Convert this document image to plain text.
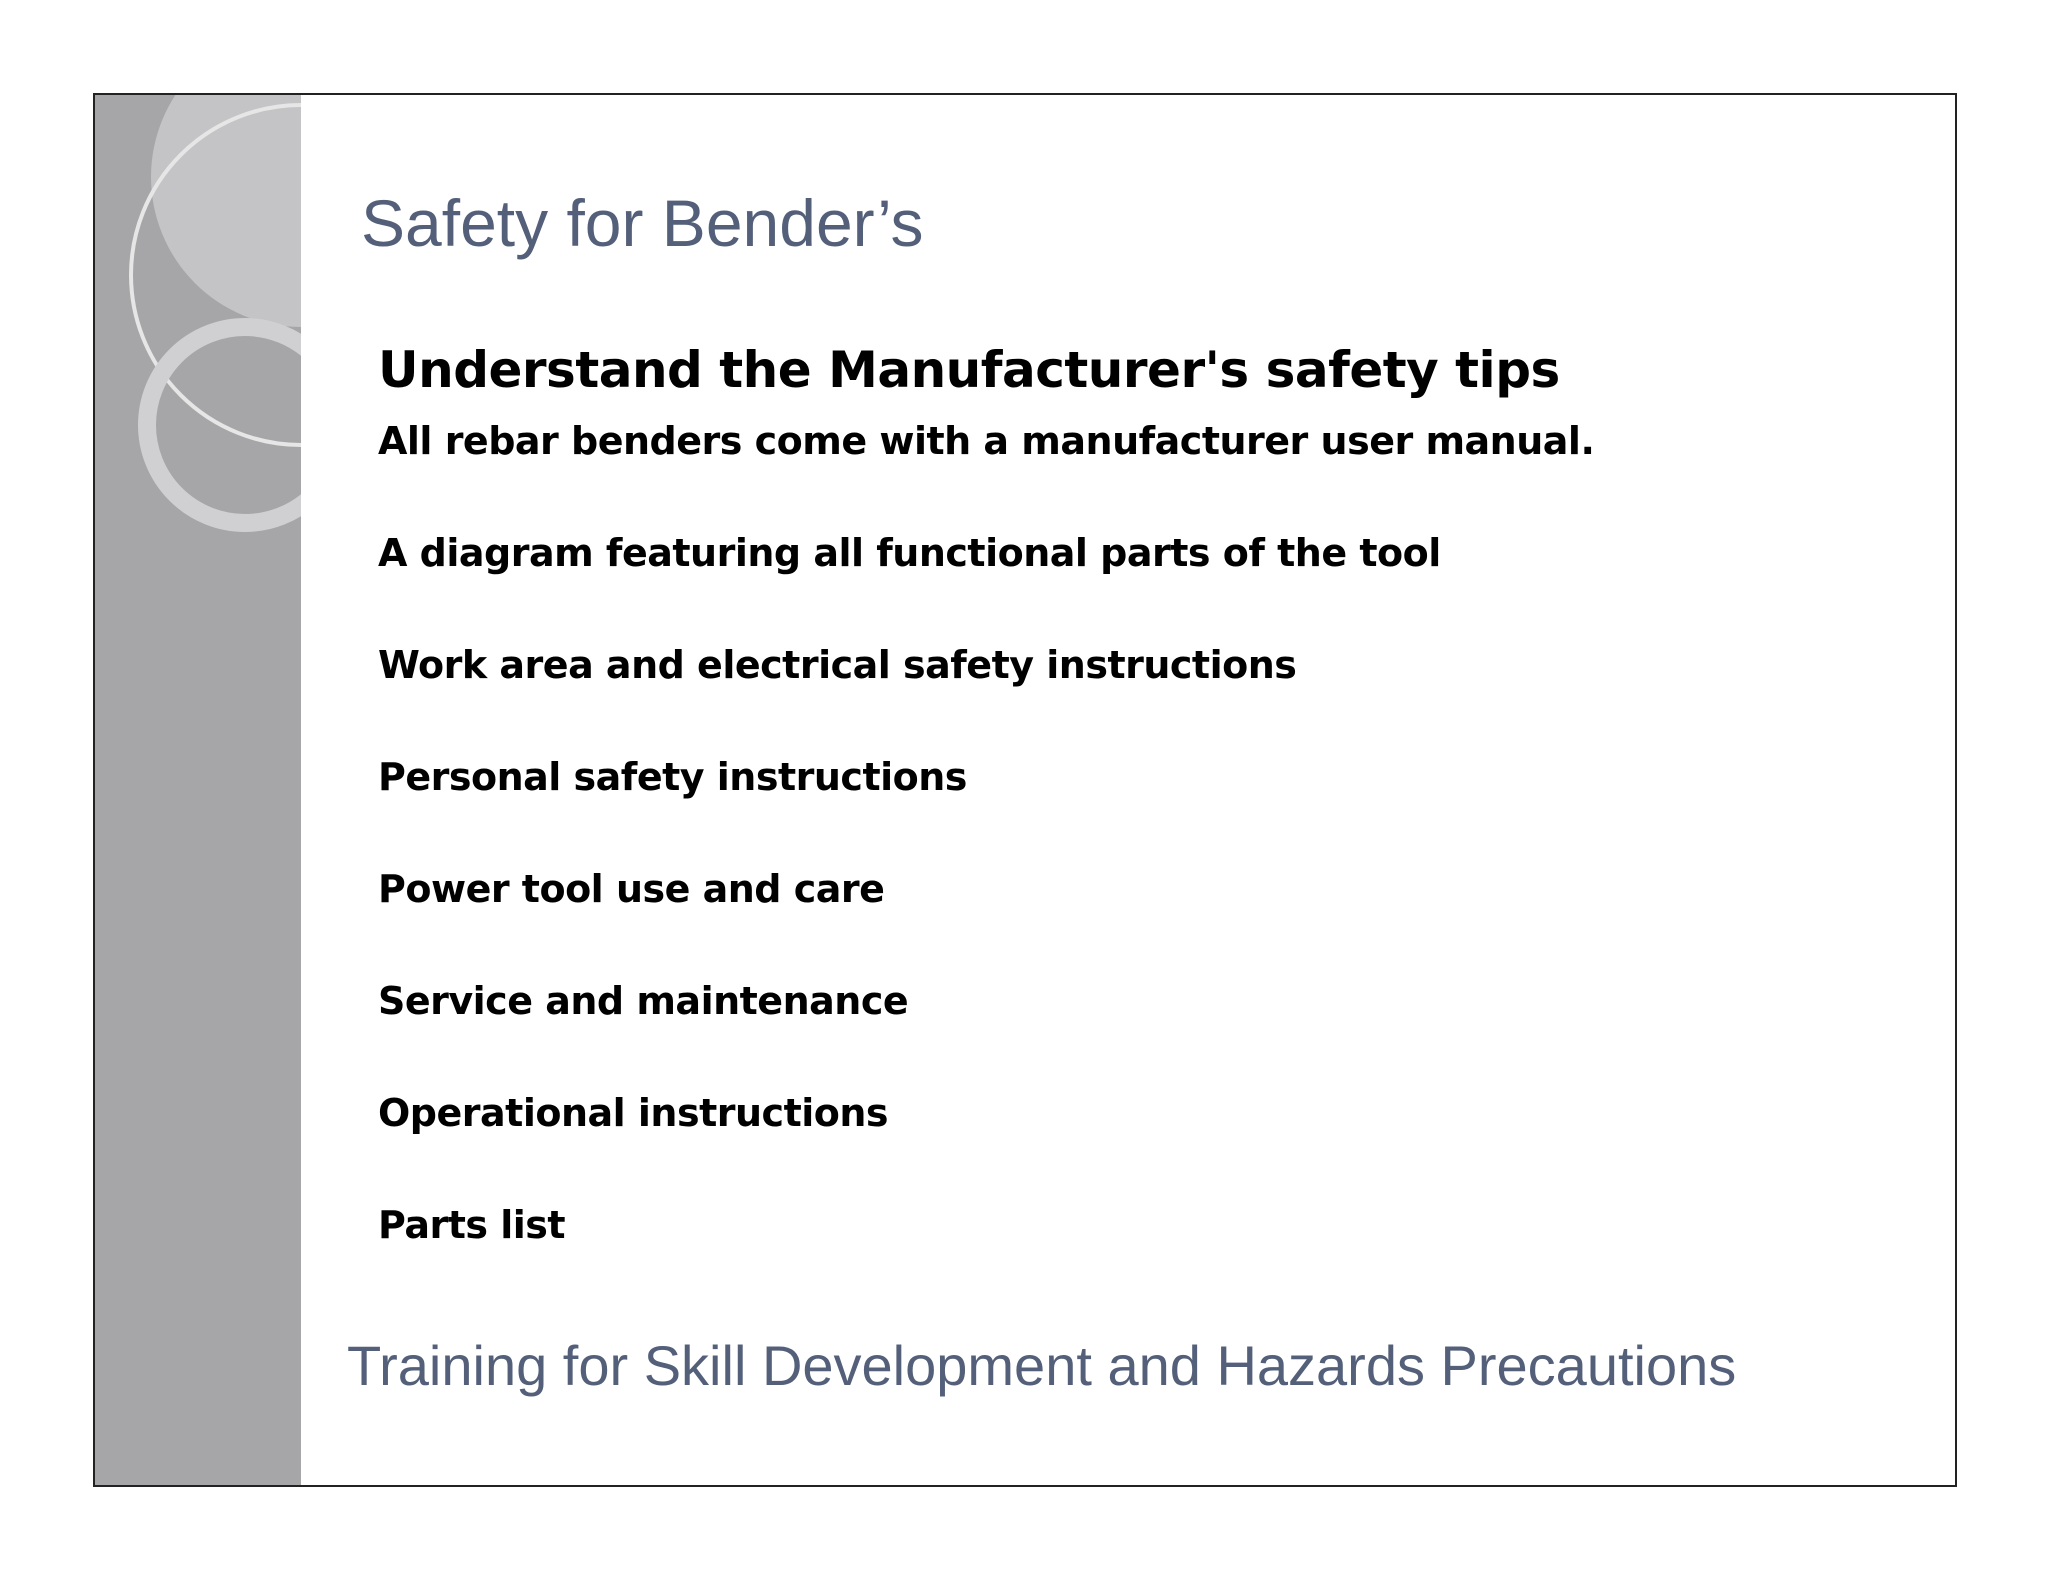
Safety for Bender’s
Understand the Manufacturer's safety tips
All rebar benders come with a manufacturer user manual.
A diagram featuring all functional parts of the tool
Work area and electrical safety instructions
Personal safety instructions
Power tool use and care
Service and maintenance
Operational instructions
Parts list
Training for Skill Development and Hazards Precautions
